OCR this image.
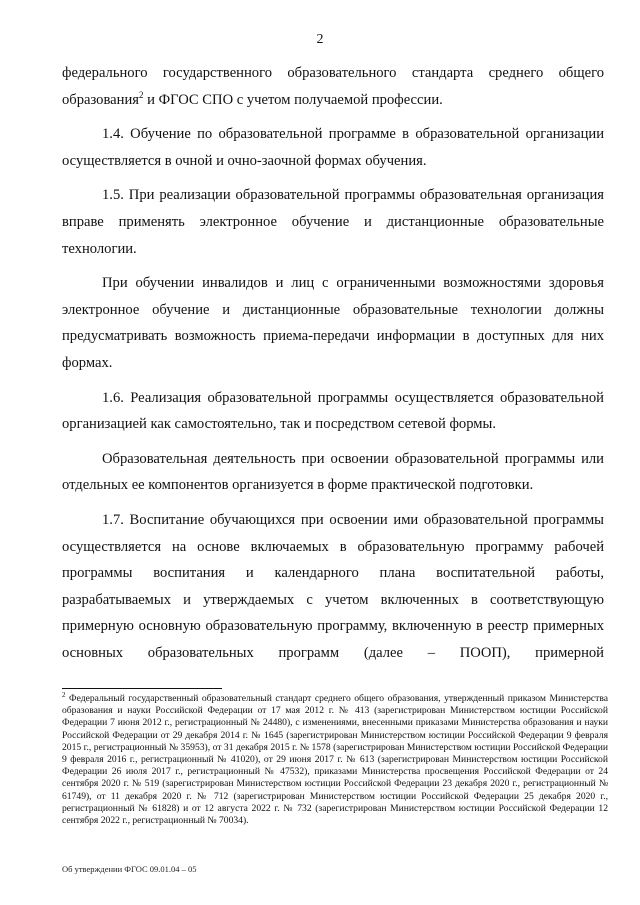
2

федерального государственного образовательного стандарта среднего общего образования$^2$ и ФГОС СПО с учетом получаемой профессии.

1.4. Обучение по образовательной программе в образовательной организации осуществляется в очной и очно-заочной формах обучения.

1.5. При реализации образовательной программы образовательная организация вправе применять электронное обучение и дистанционные образовательные технологии.

При обучении инвалидов и лиц с ограниченными возможностями здоровья электронное обучение и дистанционные образовательные технологии должны предусматривать возможность приема-передачи информации в доступных для них формах.

1.6. Реализация образовательной программы осуществляется образовательной организацией как самостоятельно, так и посредством сетевой формы.

Образовательная деятельность при освоении образовательной программы или отдельных ее компонентов организуется в форме практической подготовки.

1.7. Воспитание обучающихся при освоении ими образовательной программы осуществляется на основе включаемых в образовательную программу рабочей программы воспитания и календарного плана воспитательной работы, разрабатываемых и утверждаемых с учетом включенных в соответствующую примерную основную образовательную программу, включенную в реестр примерных основных образовательных программ (далее – ПООП), примерной

$^2$ Федеральный государственный образовательный стандарт среднего общего образования, утвержденный приказом Министерства образования и науки Российской Федерации от 17 мая 2012 г. № 413 (зарегистрирован Министерством юстиции Российской Федерации 7 июня 2012 г., регистрационный № 24480), с изменениями, внесенными приказами Министерства образования и науки Российской Федерации от 29 декабря 2014 г. № 1645 (зарегистрирован Министерством юстиции Российской Федерации 9 февраля 2015 г., регистрационный № 35953), от 31 декабря 2015 г. № 1578 (зарегистрирован Министерством юстиции Российской Федерации 9 февраля 2016 г., регистрационный № 41020), от 29 июня 2017 г. № 613 (зарегистрирован Министерством юстиции Российской Федерации 26 июля 2017 г., регистрационный № 47532), приказами Министерства просвещения Российской Федерации от 24 сентября 2020 г. № 519 (зарегистрирован Министерством юстиции Российской Федерации 23 декабря 2020 г., регистрационный № 61749), от 11 декабря 2020 г. № 712 (зарегистрирован Министерством юстиции Российской Федерации 25 декабря 2020 г., регистрационный № 61828) и от 12 августа 2022 г. № 732 (зарегистрирован Министерством юстиции Российской Федерации 12 сентября 2022 г., регистрационный № 70034).
Об утверждении ФГОС 09.01.04 – 05
